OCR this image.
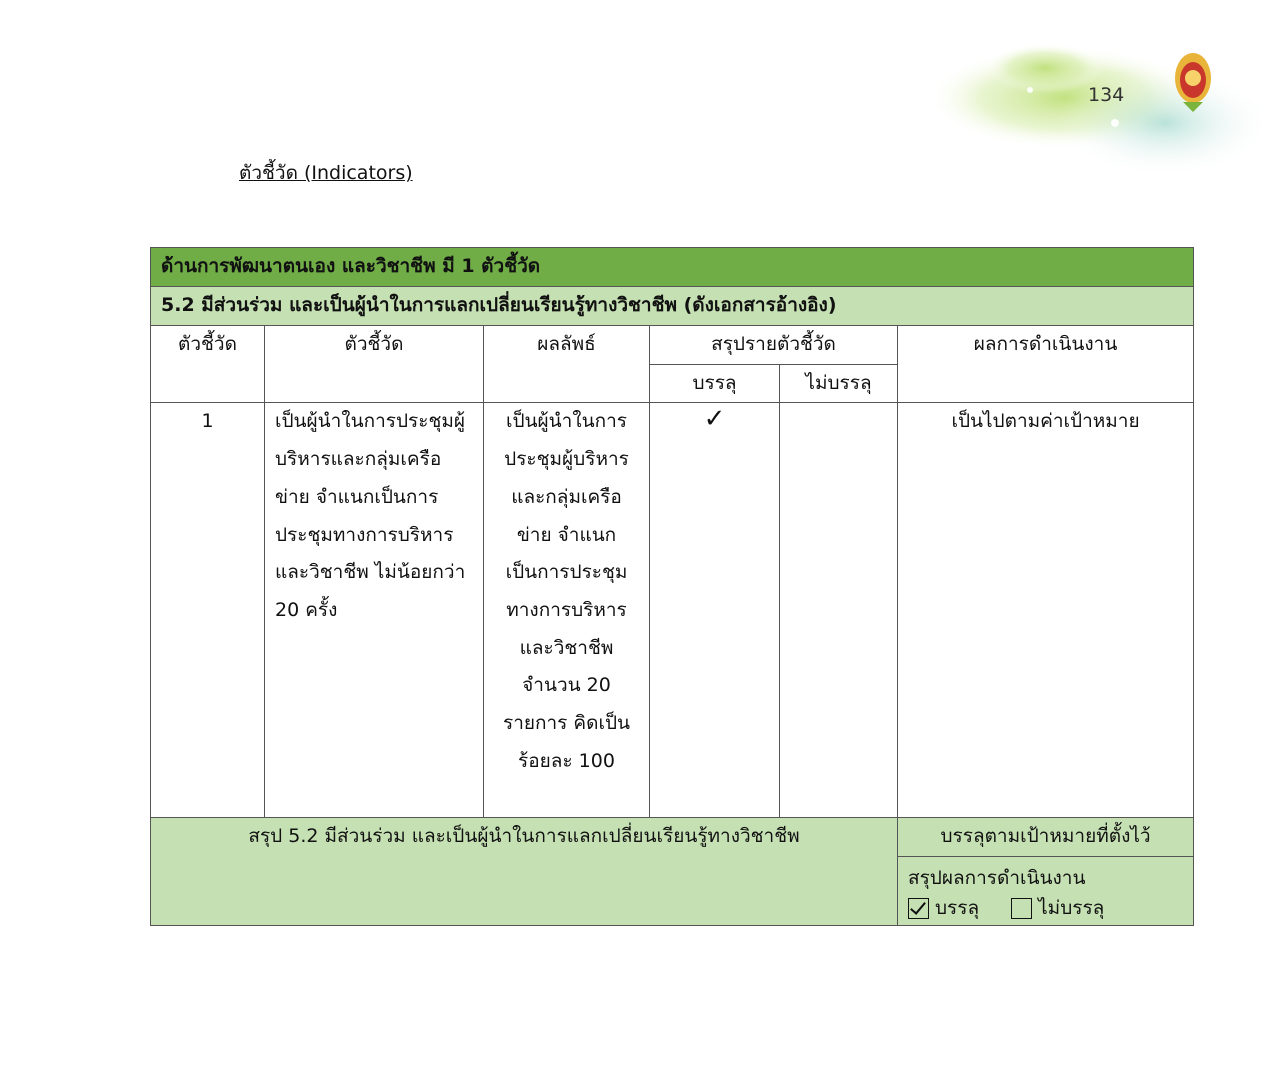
134
ตัวชี้วัด (Indicators)
ด้านการพัฒนาตนเอง และวิชาชีพ มี 1 ตัวชี้วัด					
5.2 มีส่วนร่วม และเป็นผู้นำในการแลกเปลี่ยนเรียนรู้ทางวิชาชีพ (ดังเอกสารอ้างอิง)					
ตัวชี้วัด	ตัวชี้วัด	ผลลัพธ์	สรุปรายตัวชี้วัด		ผลการดำเนินงาน
			บรรลุ	ไม่บรรลุ	
1	เป็นผู้นำในการประชุมผู้บริหารและกลุ่มเครือข่าย จำแนกเป็นการประชุมทางการบริหารและวิชาชีพ ไม่น้อยกว่า 20 ครั้ง	เป็นผู้นำในการประชุมผู้บริหาร และกลุ่มเครือข่าย จำแนกเป็นการประชุมทางการบริหารและวิชาชีพ จำนวน 20 รายการ คิดเป็น ร้อยละ 100	✓		เป็นไปตามค่าเป้าหมาย
สรุป 5.2 มีส่วนร่วม และเป็นผู้นำในการแลกเปลี่ยนเรียนรู้ทางวิชาชีพ					บรรลุตามเป้าหมายที่ตั้งไว้

					สรุปผลการดำเนินงาน
บรรลุ ไม่บรรลุ
